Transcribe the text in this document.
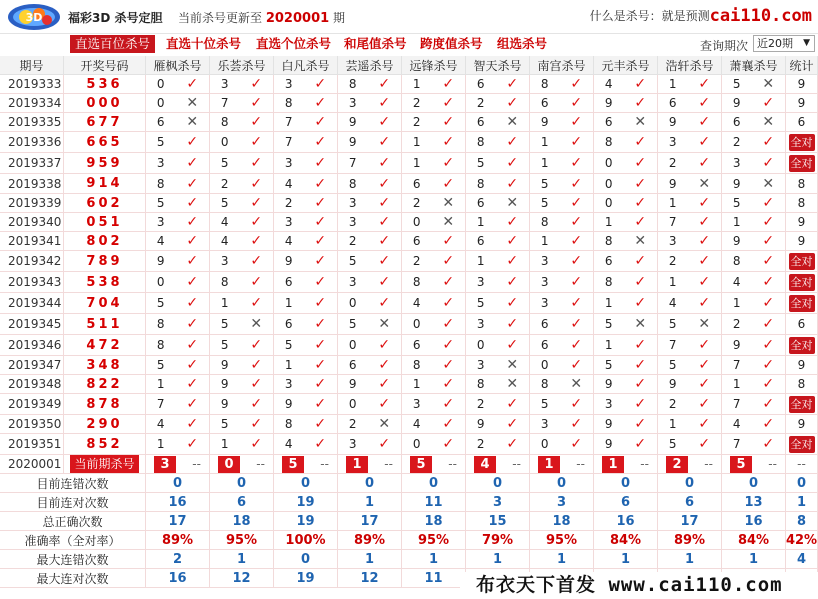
3D 福彩3D 杀号定胆 当前杀号更新至 2020001 期	什么是杀号：就是预测cai110.com
直选百位杀号	直选十位杀号 直选个位杀号 和尾值杀号 跨度值杀号 组选杀号	查询期次 近20期 ▼
期号	开奖号码	雁枫杀号	乐荟杀号	白凡杀号	芸遥杀号	远锋杀号	智天杀号	南宫杀号	元丰杀号	浩轩杀号	萧襄杀号 统计
2019333	536	0 ✓ 3 ✓ 3 ✓ 8 ✓ 1 ✓ 6 ✓ 8 ✓ 4 ✓ 1 ✓ 5 ✕ 9
2019334	000	0 ✕ 7 ✓ 8 ✓ 3 ✓ 2 ✓ 2 ✓ 6 ✓ 9 ✓ 6 ✓ 9 ✓ 9
2019335	677	6 ✕ 8 ✓ 7 ✓ 9 ✓ 2 ✓ 6 ✕ 9 ✓ 6 ✕ 9 ✓ 6 ✕ 6
2019336	665	5 ✓ 0 ✓ 7 ✓ 9 ✓ 1 ✓ 8 ✓ 1 ✓ 8 ✓ 3 ✓ 2 ✓ 全对
2019337	959	3 ✓ 5 ✓ 3 ✓ 7 ✓ 1 ✓ 5 ✓ 1 ✓ 0 ✓ 2 ✓ 3 ✓ 全对
2019338	914	8 ✓ 2 ✓ 4 ✓ 8 ✓ 6 ✓ 8 ✓ 5 ✓ 0 ✓ 9 ✕ 9 ✕ 8
2019339	602	5 ✓ 5 ✓ 2 ✓ 3 ✓ 2 ✕ 6 ✕ 5 ✓ 0 ✓ 1 ✓ 5 ✓ 8
2019340	051	3 ✓ 4 ✓ 3 ✓ 3 ✓ 0 ✕ 1 ✓ 8 ✓ 1 ✓ 7 ✓ 1 ✓ 9
2019341	802	4 ✓ 4 ✓ 4 ✓ 2 ✓ 6 ✓ 6 ✓ 1 ✓ 8 ✕ 3 ✓ 9 ✓ 9
2019342	789	9 ✓ 3 ✓ 9 ✓ 5 ✓ 2 ✓ 1 ✓ 3 ✓ 6 ✓ 2 ✓ 8 ✓ 全对
2019343	538	0 ✓ 8 ✓ 6 ✓ 3 ✓ 8 ✓ 3 ✓ 3 ✓ 8 ✓ 1 ✓ 4 ✓ 全对
2019344	704	5 ✓ 1 ✓ 1 ✓ 0 ✓ 4 ✓ 5 ✓ 3 ✓ 1 ✓ 4 ✓ 1 ✓ 全对
2019345	511	8 ✓ 5 ✕ 6 ✓ 5 ✕ 0 ✓ 3 ✓ 6 ✓ 5 ✕ 5 ✕ 2 ✓ 6
2019346	472	8 ✓ 5 ✓ 5 ✓ 0 ✓ 6 ✓ 0 ✓ 6 ✓ 1 ✓ 7 ✓ 9 ✓ 全对
2019347	348	5 ✓ 9 ✓ 1 ✓ 6 ✓ 8 ✓ 3 ✕ 0 ✓ 5 ✓ 5 ✓ 7 ✓ 9
2019348	822	1 ✓ 9 ✓ 3 ✓ 9 ✓ 1 ✓ 8 ✕ 8 ✕ 9 ✓ 9 ✓ 1 ✓ 8
2019349	878	7 ✓ 9 ✓ 9 ✓ 0 ✓ 3 ✓ 2 ✓ 5 ✓ 3 ✓ 2 ✓ 7 ✓ 全对
2019350	290	4 ✓ 5 ✓ 8 ✓ 2 ✕ 4 ✓ 9 ✓ 3 ✓ 9 ✓ 1 ✓ 4 ✓ 9
2019351	852	1 ✓ 1 ✓ 4 ✓ 3 ✓ 0 ✓ 2 ✓ 0 ✓ 9 ✓ 5 ✓ 7 ✓ 全对
2020001	当前期杀号	3	--	0	--	5	--	1	--	5	--	4	--	1	--	1	--	2	--	5	-- --
目前连错次数	0	0	0	0	0	0	0	0	0	0	0
目前连对次数	16	6	19	1	11	3	3	6	6	13	1
总正确次数	17	18	19	17	18	15	18	16	17	16	8
准确率（全对率）	89%	95%	100%	89%	95%	79%	95%	84%	89%	84%	42%
最大连错次数	2	1	0	1	1	1	1	1	1	1	4
最大连对次数	16	12	19	12	11	布衣天下首发 www.cai110.com
